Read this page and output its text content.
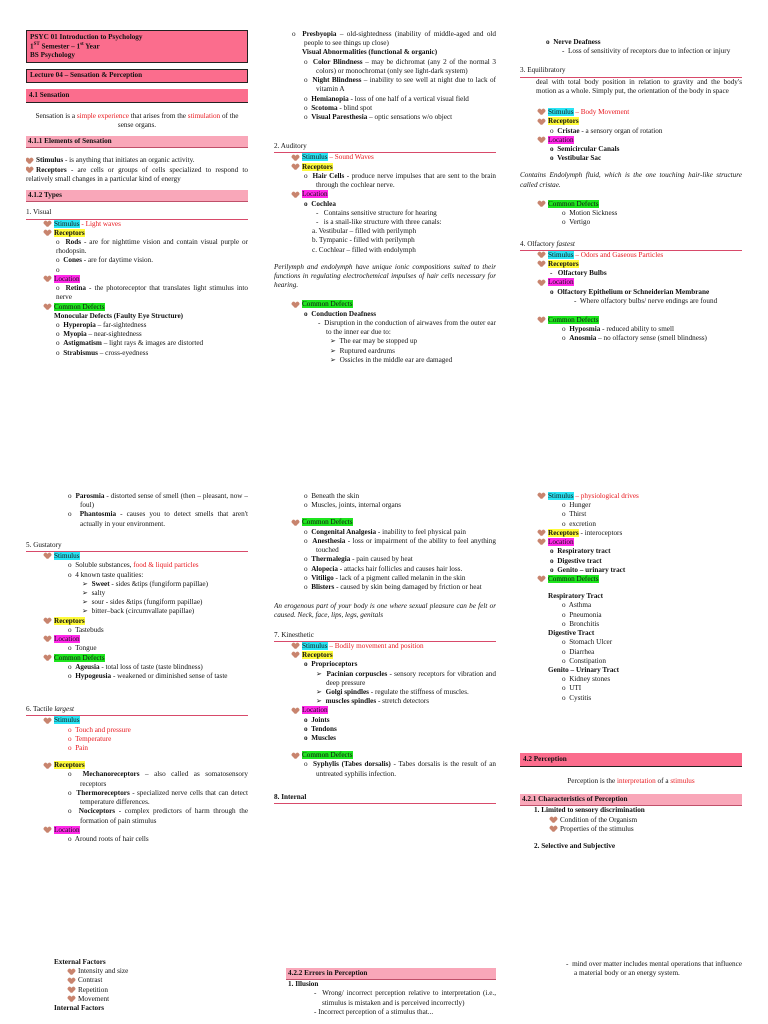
PSYC 01 Introduction to Psychology
1ST Semester – 1st Year
BS Psychology
Lecture 04 – Sensation & Perception
4.1 Sensation
Sensation is a simple experience that arises from the stimulation of the sense organs.
4.1.1 Elements of Sensation
Stimulus - is anything that initiates an organic activity.
Receptors - are cells or groups of cells specialized to respond to relatively small changes in a particular kind of energy
4.1.2 Types
1. Visual
Stimulus - Light waves
Receptors
o  Rods - are for nighttime vision and contain visual purple or rhodopsin.
o  Cones - are for daytime vision.
o
Location
o  Retina - the photoreceptor that translates light stimulus into nerve
Common Defects
Monocular Defects (Faulty Eye Structure)
o  Hyperopia – far-sightedness
o  Myopia – near-sightedness
o  Astigmatism – light rays & images are distorted
o  Strabismus – cross-eyedness
o  Presbyopia – old-sightedness (inability of middle-aged and old people to see things up close)
Visual Abnormalities (functional & organic)
o  Color Blindness – may be dichromat (any 2 of the normal 3 colors) or monochromat (only see light-dark system)
o  Night Blindness – inability to see well at night due to lack of vitamin A
o  Hemianopia - loss of one half of a vertical visual field
o  Scotoma - blind spot
o  Visual Paresthesia – optic sensations w/o object
2. Auditory
Stimulus – Sound Waves
Receptors
o  Hair Cells - produce nerve impulses that are sent to the brain through the cochlear nerve.
Location
o  Cochlea
-   Contains sensitive structure for hearing
-   is a snail-like structure with three canals:
a. Vestibular – filled with perilymph
b. Tympanic - filled with perilymph
c. Cochlear – filled with endolymph
Perilymph and endolymph have unique ionic compositions suited to their functions in regulating electrochemical impulses of hair cells necessary for hearing.
Common Defects
o  Conduction Deafness
-  Disruption in the conduction of airwaves from the outer ear to the inner ear due to:
➢  The ear may be stopped up
➢  Ruptured eardrums
➢  Ossicles in the middle ear are damaged
o  Nerve Deafness
-  Loss of sensitivity of receptors due to infection or injury
3. Equilibratory
deal with total body position in relation to gravity and the body's motion as a whole. Simply put, the orientation of the body in space
Stimulus – Body Movement
Receptors
o  Cristae - a sensory organ of rotation
Location
o  Semicircular Canals
o  Vestibular Sac
Contains Endolymph fluid, which is the one touching hair-like structure called cristae.
Common Defects
o  Motion Sickness
o  Vertigo
4. Olfactory fastest
Stimulus – Odors and Gaseous Particles
Receptors
-   Olfactory Bulbs
Location
o  Olfactory Epithelium or Schneiderian Membrane
-  Where olfactory bulbs/ nerve endings are found
Common Defects
o  Hyposmia - reduced ability to smell
o  Anosmia – no olfactory sense (smell blindness)
o  Parosmia - distorted sense of smell (then – pleasant, now – foul)
o  Phantosmia - causes you to detect smells that aren't actually in your environment.
5. Gustatory
Stimulus
o  Soluble substances, food & liquid particles
o  4 known taste qualities:
➢  Sweet - sides &tips (fungiform papillae)
➢  salty
➢  sour - sides &tips (fungiform papillae)
➢  bitter–back (circumvallate papillae)
Receptors
o  Tastebuds
Location
o  Tongue
Common Defects
o  Ageusia - total loss of taste (taste blindness)
o  Hypogeusia - weakened or diminished sense of taste
6. Tactile largest
Stimulus
o  Touch and pressure
o  Temperature
o  Pain
Receptors
o  Mechanoreceptors – also called as somatosensory receptors
o  Thermoreceptors - specialized nerve cells that can detect temperature differences.
o  Nociceptors - complex predictors of harm through the formation of pain stimulus
Location
o  Around roots of hair cells
o  Beneath the skin
o  Muscles, joints, internal organs
Common Defects
o  Congenital Analgesia - inability to feel physical pain
o  Anesthesia - loss or impairment of the ability to feel anything touched
o  Thermalegia - pain caused by heat
o  Alopecia - attacks hair follicles and causes hair loss.
o  Vitiligo - lack of a pigment called melanin in the skin
o  Blisters - caused by skin being damaged by friction or heat
An erogenous part of your body is one where sexual pleasure can be felt or caused. Neck, face, lips, legs, genitals
7. Kinesthetic
Stimulus – Bodily movement and position
Receptors
o  Proprioceptors
➢  Pacinian corpuscles - sensory receptors for vibration and deep pressure
➢  Golgi spindles - regulate the stiffness of muscles.
➢  muscles spindles - stretch detectors
Location
o  Joints
o  Tendons
o  Muscles
Common Defects
o  Syphylis (Tabes dorsalis) - Tabes dorsalis is the result of an untreated syphilis infection.
8. Internal
Stimulus – physiological drives
o  Hunger
o  Thirst
o  excretion
Receptors - interoceptors
Location
o  Respiratory tract
o  Digestive tract
o  Genito – urinary tract
Common Defects
Respiratory Tract
o  Asthma
o  Pneumonia
o  Bronchitis
Digestive Tract
o  Stomach Ulcer
o  Diarrhea
o  Constipation
Genito – Urinary Tract
o  Kidney stones
o  UTI
o  Cystitis
4.2 Perception
Perception is the interpretation of a stimulus
4.2.1 Characteristics of Perception
1. Limited to sensory discrimination
Condition of the Organism
Properties of the stimulus
2. Selective and Subjective
External Factors
Intensity and size
Contrast
Repetition
Movement
Internal Factors
4.2.2 Errors in Perception
1. Illusion
-  Wrong/ incorrect perception relative to interpretation (i.e., stimulus is mistaken and is perceived incorrectly)
- Incorrect perception of a stimulus that...
-  mind over matter includes mental operations that influence a material body or an energy system.
